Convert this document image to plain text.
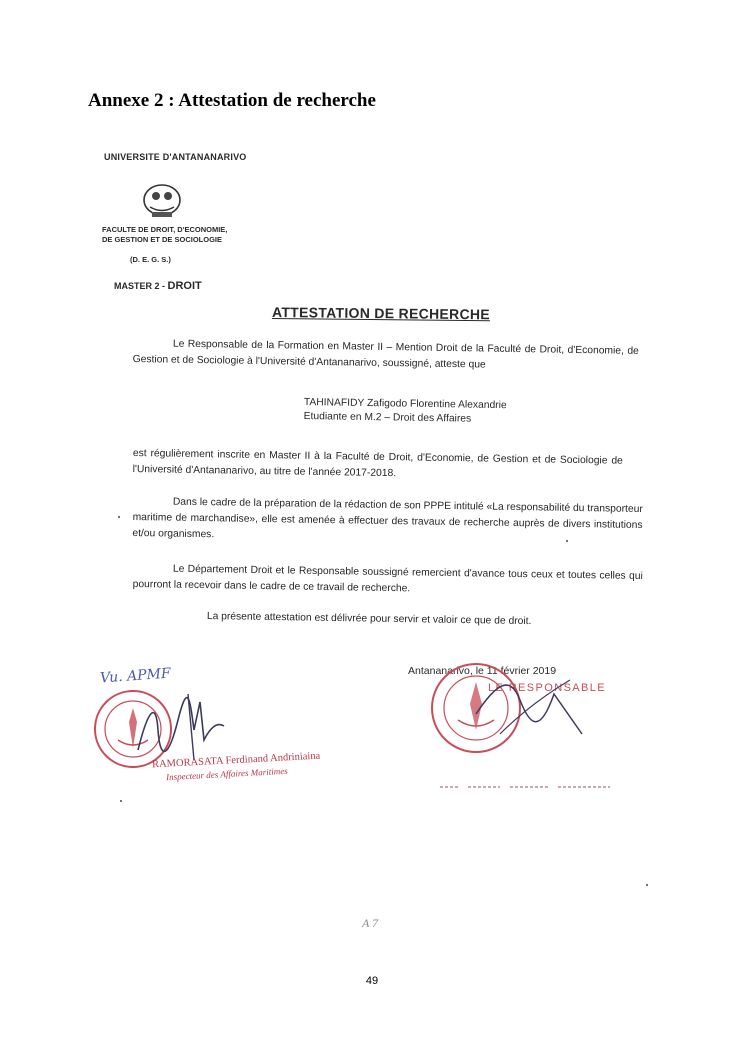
Annexe 2 : Attestation de recherche
UNIVERSITE D'ANTANANARIVO
FACULTE DE DROIT, D'ECONOMIE,
DE GESTION ET DE SOCIOLOGIE
(D. E. G. S.)
MASTER 2 - DROIT
ATTESTATION DE RECHERCHE
Le Responsable de la Formation en Master II – Mention Droit de la Faculté de Droit, d'Economie, de Gestion et de Sociologie à l'Université d'Antananarivo, soussigné, atteste que
TAHINAFIDY Zafigodo Florentine Alexandrie
Etudiante en M.2 – Droit des Affaires
est régulièrement inscrite en Master II à la Faculté de Droit, d'Economie, de Gestion et de Sociologie de l'Université d'Antananarivo, au titre de l'année 2017-2018.
Dans le cadre de la préparation de la rédaction de son PPPE intitulé «La responsabilité du transporteur maritime de marchandise», elle est amenée à effectuer des travaux de recherche auprès de divers institutions et/ou organismes.
Le Département Droit et le Responsable soussigné remercient d'avance tous ceux et toutes celles qui pourront la recevoir dans le cadre de ce travail de recherche.
La présente attestation est délivrée pour servir et valoir ce que de droit.
Antananarivo, le 11 février 2019
Vu. APMF
RAMORASATA Ferdinand Andriniaina
Inspecteur des Affaires Maritimes
LE RESPONSABLE
A 7
49
